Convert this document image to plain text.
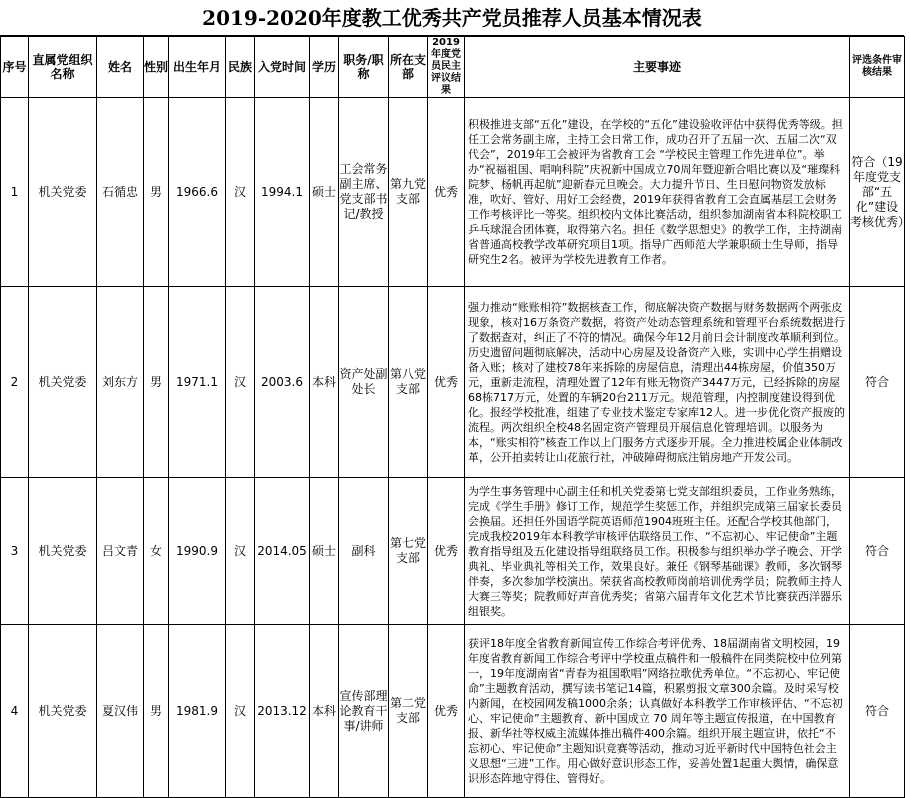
2019-2020年度教工优秀共产党员推荐人员基本情况表
序号	直属党组织名称	姓名	性别	出生年月	民族	入党时间	学历	职务/职称	所在支部	2019年度党员民主评议结果	主要事迹	评选条件审核结果
1	机关党委	石循忠	男	1966.6	汉	1994.1	硕士	工会常务副主席、党支部书记/教授	第九党支部	优秀	积极推进支部“五化”建设，在学校的“五化”建设验收评估中获得优秀等级。担任工会常务副主席，主持工会日常工作，成功召开了五届一次、五届二次“双代会”，2019年工会被评为省教育工会 “学校民主管理工作先进单位”。举办“祝福祖国、唱响科院”庆祝新中国成立70周年暨迎新合唱比赛以及“璀璨科院梦、杨帆再起航”迎新春元旦晚会。大力提升节日、生日慰问物资发放标准，吹好、管好、用好工会经费，2019年获得省教育工会直属基层工会财务工作考核评比一等奖。组织校内文体比赛活动，组织参加湖南省本科院校职工乒乓球混合团体赛，取得第六名。担任《数学思想史》的教学工作，主持湖南省普通高校教学改革研究项目1项。指导广西师范大学兼职硕士生导师，指导研究生2名。被评为学校先进教育工作者。	符合（19年度党支部“五化”建设考核优秀）
2	机关党委	刘东方	男	1971.1	汉	2003.6	本科	资产处副处长	第八党支部	优秀	强力推动“账账相符”数据核查工作，彻底解决资产数据与财务数据两个两张皮现象，核对16万条资产数据，将资产处动态管理系统和管理平台系统数据进行了数据查对，纠正了不符的情况。确保今年12月前日会计制度改革顺利到位。历史遗留问题彻底解决，活动中心房屋及设备资产入账，实训中心学生捐赠设备入账；核对了建校78年来拆除的房屋信息，清理出44栋房屋，价值350万元，重新走流程，清理处置了12年有账无物资产3447万元，已经拆除的房屋68栋717万元，处置的车辆20台211万元。规范管理，内控制度建设得到优化。报经学校批准，组建了专业技术鉴定专家库12人。进一步优化资产报废的流程。两次组织全校48名固定资产管理员开展信息化管理培训。以服务为本，“账实相符”核查工作以上门服务方式逐步开展。全力推进校属企业体制改革，公开拍卖转让山花旅行社，冲破障碍彻底注销房地产开发公司。	符合
3	机关党委	吕文青	女	1990.9	汉	2014.05	硕士	副科	第七党支部	优秀	为学生事务管理中心副主任和机关党委第七党支部组织委员，工作业务熟练，完成《学生手册》修订工作，规范学生奖惩工作，并组织完成第三届家长委员会换届。还担任外国语学院英语师范1904班班主任。还配合学校其他部门，完成我校2019年本科教学审核评估联络员工作、“不忘初心、牢记使命”主题教育指导组及五化建设指导组联络员工作。积极参与组织举办学子晚会、开学典礼、毕业典礼等相关工作，效果良好。兼任《钢琴基础课》教师，多次钢琴伴奏，多次参加学校演出。荣获省高校教师岗前培训优秀学员；院教师主持人大赛三等奖；院教师好声音优秀奖；省第六届青年文化艺术节比赛获西洋器乐组银奖。	符合
4	机关党委	夏汉伟	男	1981.9	汉	2013.12	本科	宣传部理论教育干事/讲师	第二党支部	优秀	获评18年度全省教育新闻宣传工作综合考评优秀、18届湖南省文明校园，19年度省教育新闻工作综合考评中学校重点稿件和一般稿件在同类院校中位列第一，19年度湖南省“青春为祖国歌唱”网络拉歌优秀单位。“不忘初心、牢记使命”主题教育活动，撰写读书笔记14篇，积累剪报文章300余篇。及时采写校内新闻，在校园网发稿1000余条；认真做好本科教学工作审核评估、“不忘初心、牢记使命”主题教育、新中国成立 70 周年等主题宣传报道，在中国教育报、新华社等权威主流媒体推出稿件400余篇。组织开展主题宣讲，依托“不忘初心、牢记使命”主题知识竞赛等活动，推动习近平新时代中国特色社会主义思想“三进”工作。用心做好意识形态工作，妥善处置1起重大舆情，确保意识形态阵地守得住、管得好。	符合
